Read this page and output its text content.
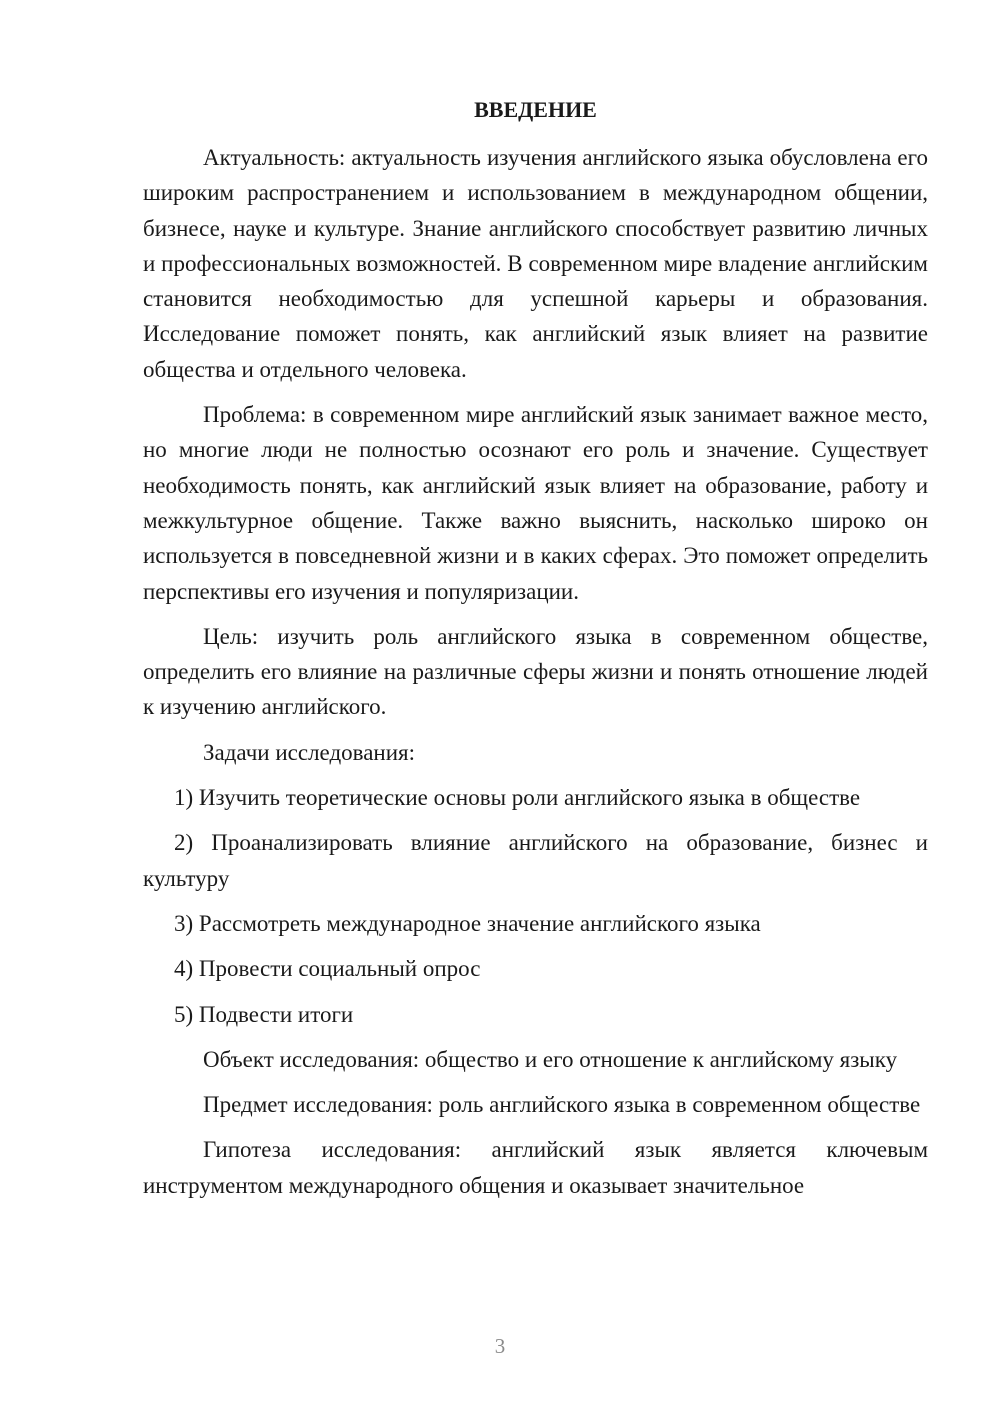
ВВЕДЕНИЕ

Актуальность: актуальность изучения английского языка обусловлена его широким распространением и использованием в международном общении, бизнесе, науке и культуре. Знание английского способствует развитию личных и профессиональных возможностей. В современном мире владение английским становится необходимостью для успешной карьеры и образования. Исследование поможет понять, как английский язык влияет на развитие общества и отдельного человека.

Проблема: в современном мире английский язык занимает важное место, но многие люди не полностью осознают его роль и значение. Существует необходимость понять, как английский язык влияет на образование, работу и межкультурное общение. Также важно выяснить, насколько широко он используется в повседневной жизни и в каких сферах. Это поможет определить перспективы его изучения и популяризации.

Цель: изучить роль английского языка в современном обществе, определить его влияние на различные сферы жизни и понять отношение людей к изучению английского.

Задачи исследования:

1) Изучить теоретические основы роли английского языка в обществе

2) Проанализировать влияние английского на образование, бизнес и культуру

3) Рассмотреть международное значение английского языка

4) Провести социальный опрос

5) Подвести итоги

Объект исследования: общество и его отношение к английскому языку

Предмет исследования: роль английского языка в современном обществе

Гипотеза исследования: английский язык является ключевым инструментом международного общения и оказывает значительное

3
